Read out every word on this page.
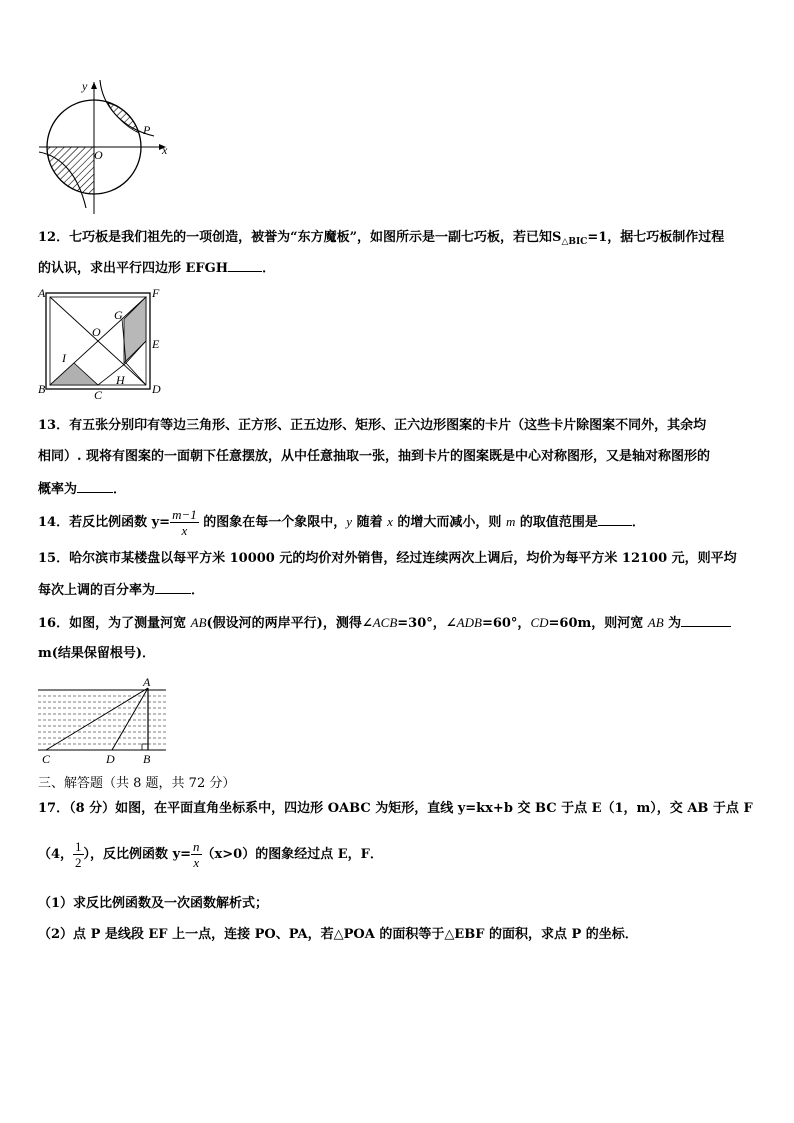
y
x
O
P
12．七巧板是我们祖先的一项创造，被誉为“东方魔板”，如图所示是一副七巧板，若已知$S_{\triangle BIC}=1$，据七巧板制作过程
的认识，求出平行四边形 EFGH	．
A	F
G
O
E
I
H
B	C	D
13．有五张分别印有等边三角形、正方形、正五边形、矩形、正六边形图案的卡片（这些卡片除图案不同外，其余均
相同）. 现将有图案的一面朝下任意摆放，从中任意抽取一张，抽到卡片的图案既是中心对称图形，又是轴对称图形的
概率为	．
14．若反比例函数 $y= \frac{m-1}{x}$ 的图象在每一个象限中，y 随着 x 的增大而减小，则 m 的取值范围是	．
15．哈尔滨市某楼盘以每平方米 10000 元的均价对外销售，经过连续两次上调后，均价为每平方米 12100 元，则平均
每次上调的百分率为	．
16．如图，为了测量河宽 AB(假设河的两岸平行)，测得∠ACB=30°，∠ADB=60°，CD=60m，则河宽 AB 为
m(结果保留根号)．
A
C	D B
三、解答题（共 8 题，共 72 分）
17．（8 分）如图，在平面直角坐标系中，四边形 OABC 为矩形，直线 y=kx+b 交 BC 于点 E（1，m），交 AB 于点 F
（4， $\frac{1}{2}$ ），反比例函数 $y= \frac{n}{x} (x>0)$的图象经过点 E，F．
（1）求反比例函数及一次函数解析式；
（2）点 P 是线段 EF 上一点，连接 PO、PA，若△POA 的面积等于△EBF 的面积，求点 P 的坐标．
